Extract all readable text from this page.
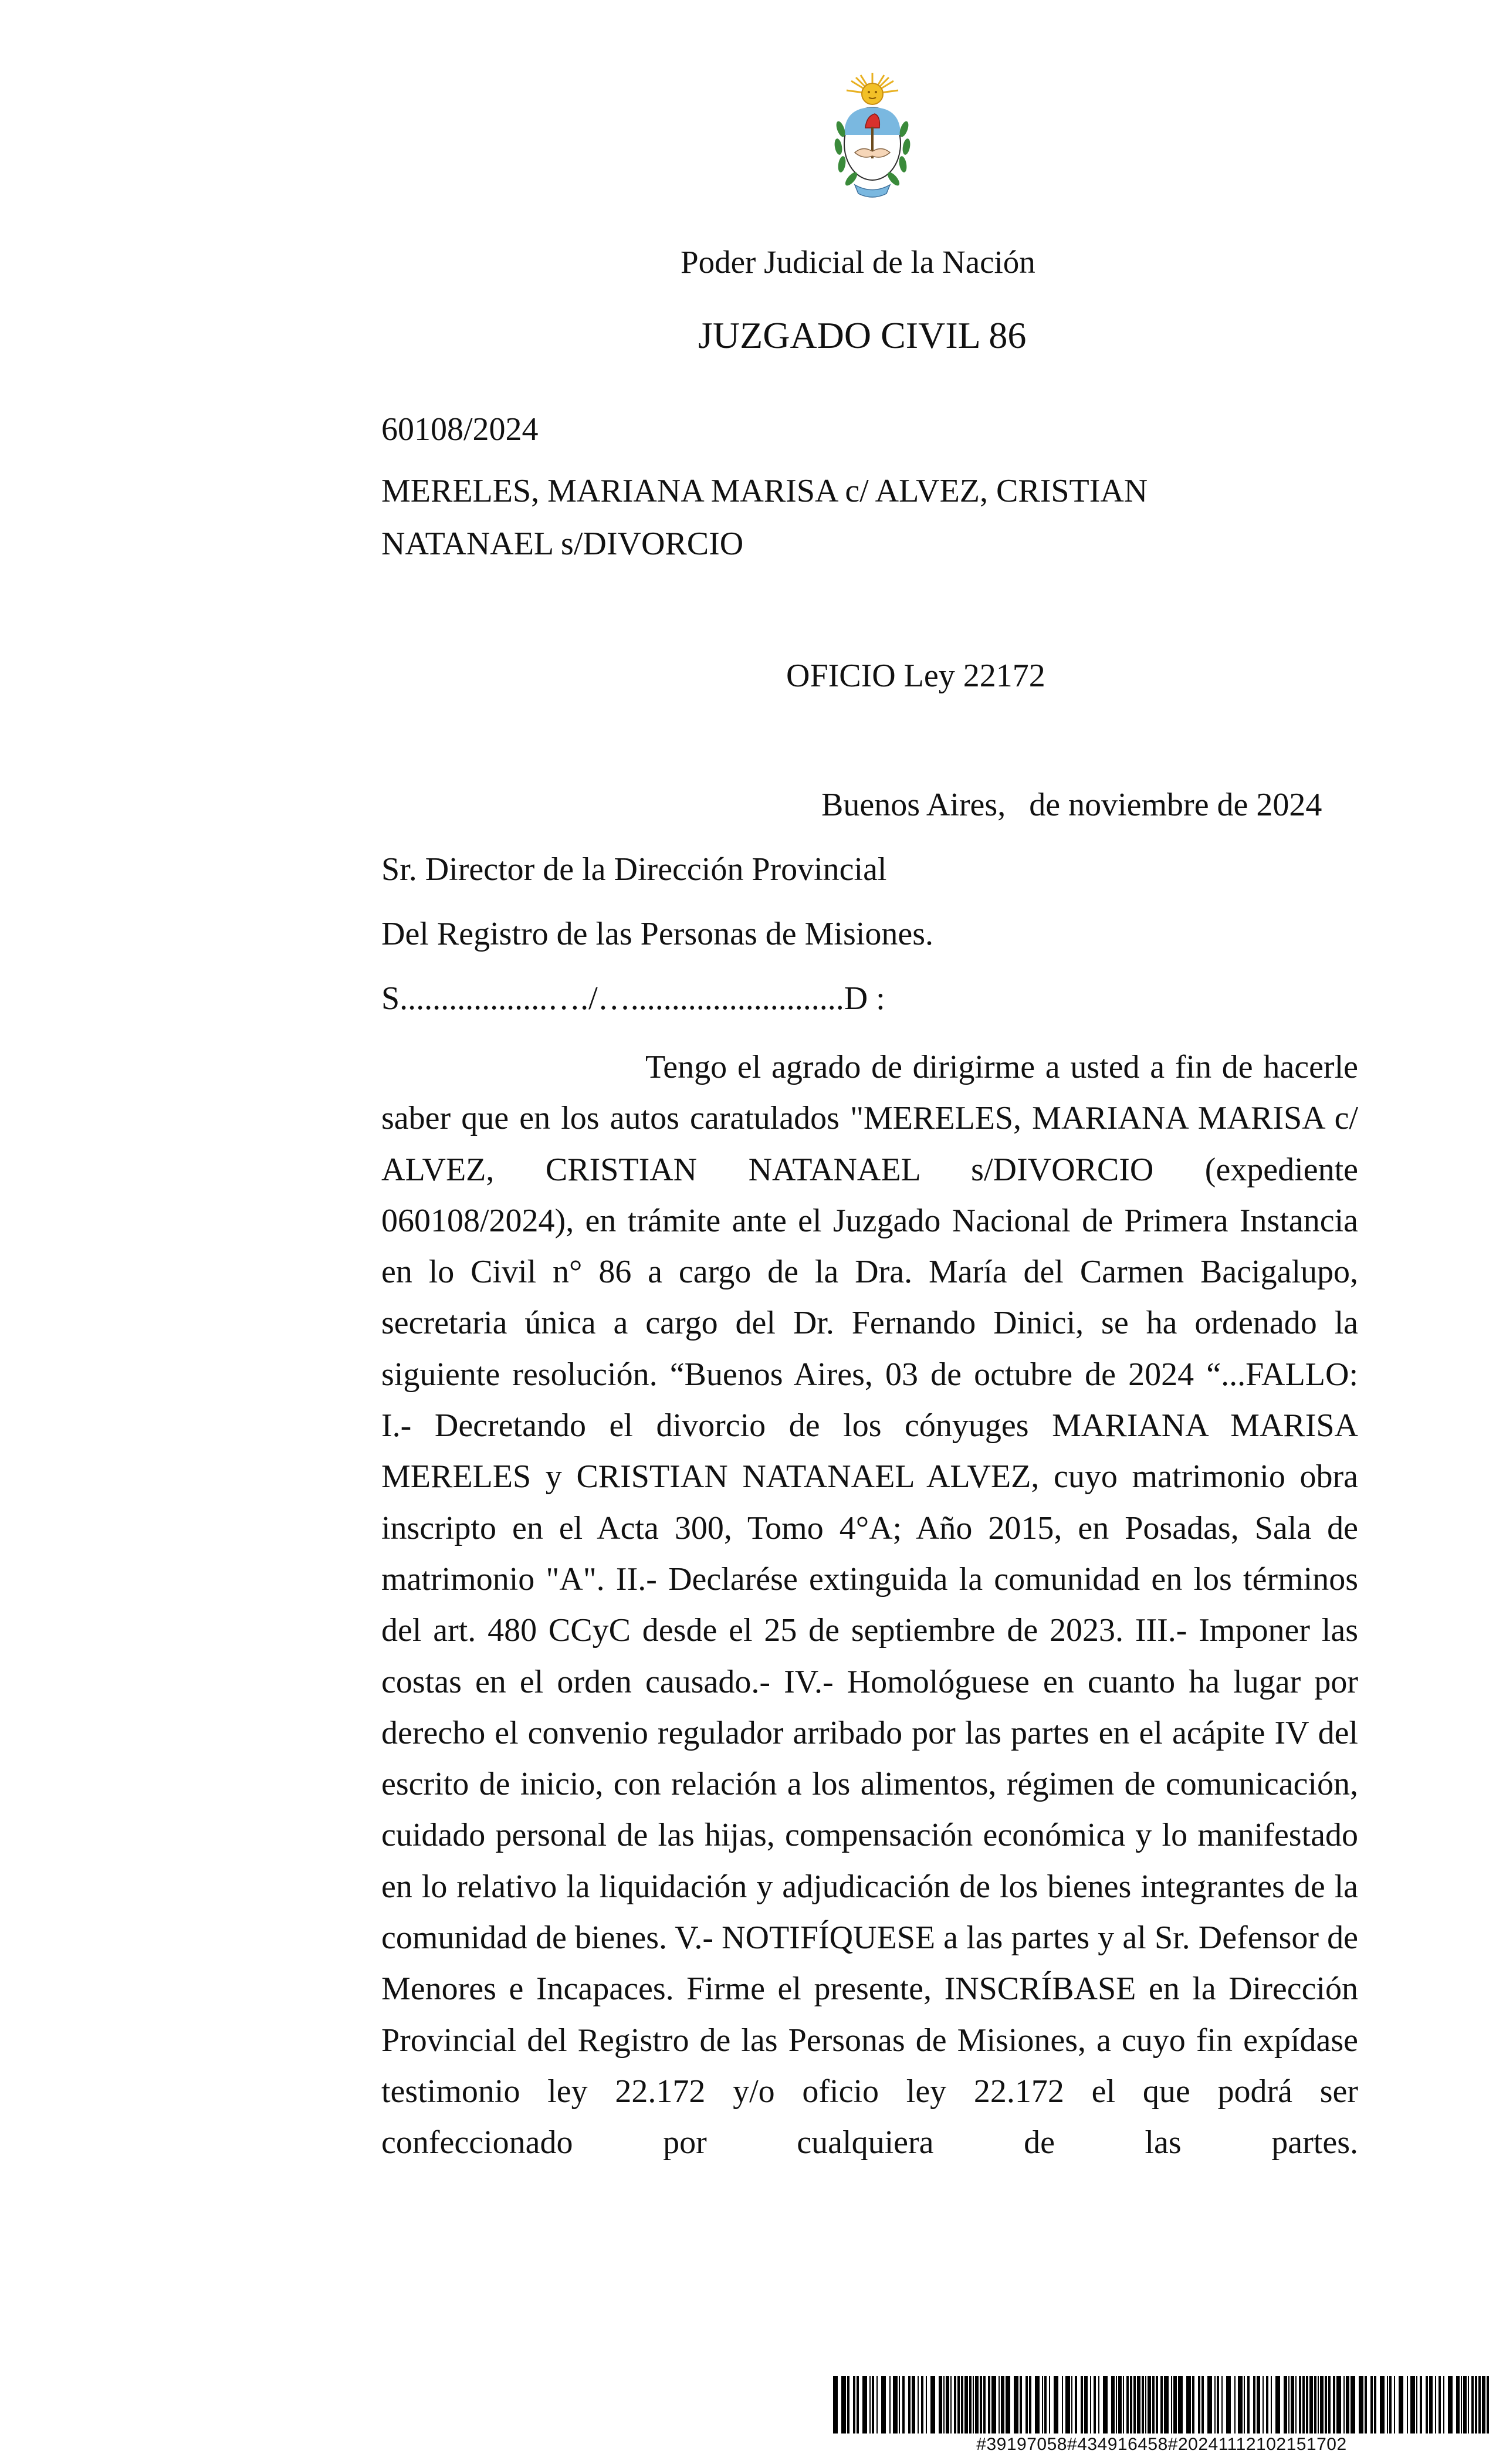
Poder Judicial de la Nación
JUZGADO CIVIL 86
60108/2024
MERELES, MARIANA MARISA c/ ALVEZ, CRISTIAN
NATANAEL s/DIVORCIO
OFICIO Ley 22172
Buenos Aires, de noviembre de 2024
Sr. Director de la Dirección Provincial
Del Registro de las Personas de Misiones.
S..................…./…..........................D :

Tengo el agrado de dirigirme a usted a fin de hacerle saber que en los autos caratulados "MERELES, MARIANA MARISA c/ ALVEZ, CRISTIAN NATANAEL s/DIVORCIO (expediente 060108/2024), en trámite ante el Juzgado Nacional de Primera Instancia en lo Civil n° 86 a cargo de la Dra. María del Carmen Bacigalupo, secretaria única a cargo del Dr. Fernando Dinici, se ha ordenado la siguiente resolución. “Buenos Aires, 03 de octubre de 2024 “...FALLO: I.- Decretando el divorcio de los cónyuges MARIANA MARISA MERELES y CRISTIAN NATANAEL ALVEZ, cuyo matrimonio obra inscripto en el Acta 300, Tomo 4°A; Año 2015, en Posadas, Sala de matrimonio "A". II.- Declarése extinguida la comunidad en los términos del art. 480 CCyC desde el 25 de septiembre de 2023. III.- Imponer las costas en el orden causado.- IV.- Homológuese en cuanto ha lugar por derecho el convenio regulador arribado por las partes en el acápite IV del escrito de inicio, con relación a los alimentos, régimen de comunicación, cuidado personal de las hijas, compensación económica y lo manifestado en lo relativo la liquidación y adjudicación de los bienes integrantes de la comunidad de bienes. V.- NOTIFÍQUESE a las partes y al Sr. Defensor de Menores e Incapaces. Firme el presente, INSCRÍBASE en la Dirección Provincial del Registro de las Personas de Misiones, a cuyo fin expídase testimonio ley 22.172 y/o oficio ley 22.172 el que podrá ser confeccionado por cualquiera de las partes.

#39197058#434916458#20241112102151702
